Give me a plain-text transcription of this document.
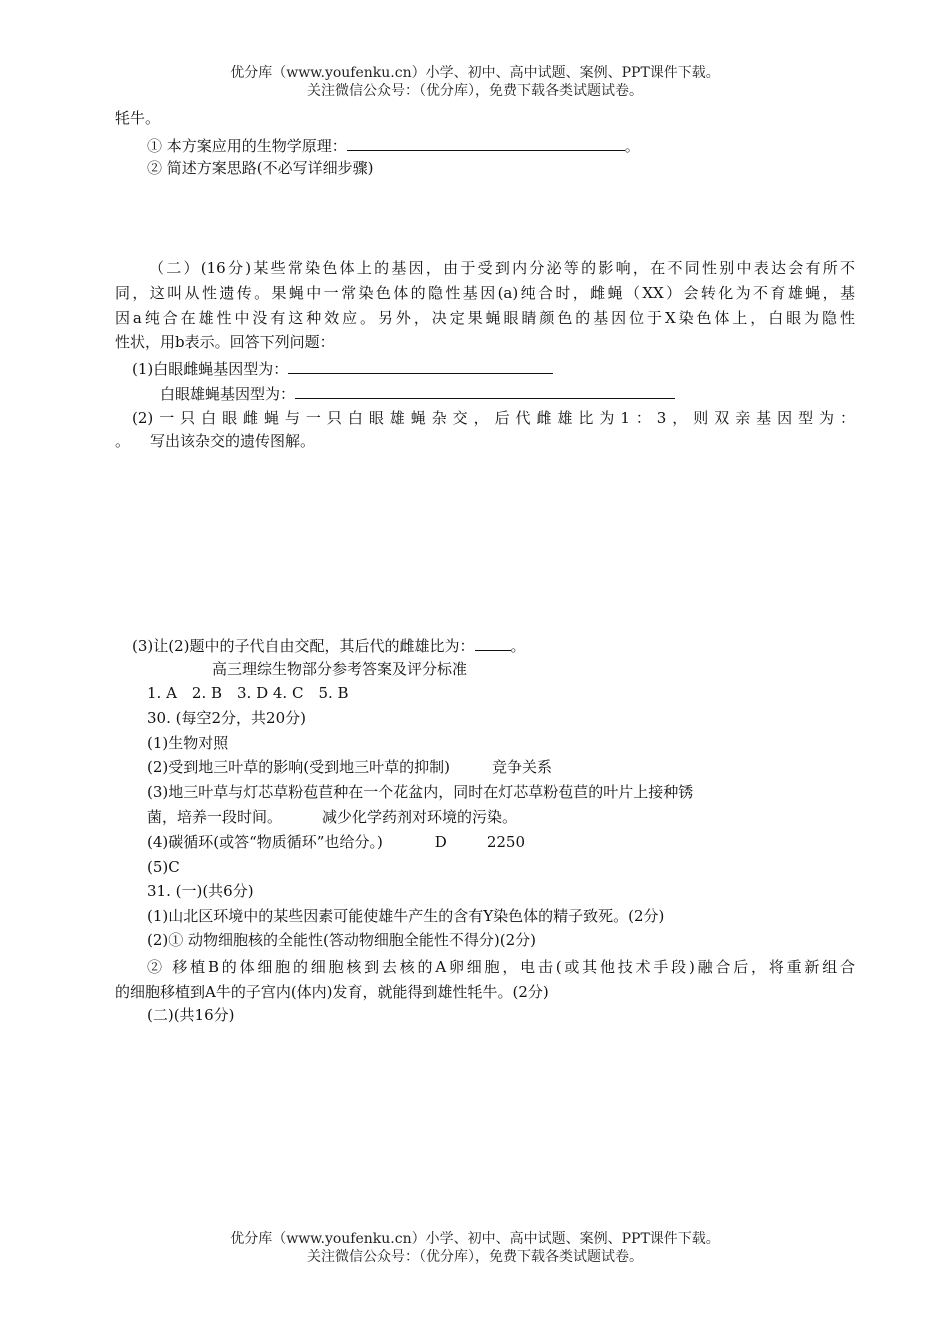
优分库（www.youfenku.cn）小学、初中、高中试题、案例、PPT课件下载。
关注微信公众号：（优分库），免费下载各类试题试卷。
牦牛。
① 本方案应用的生物学原理：	。
② 简述方案思路(不必写详细步骤)
（二）(16分)某些常染色体上的基因，由于受到内分泌等的影响，在不同性别中表达会有所不
同，这叫从性遗传。果蝇中一常染色体的隐性基因(a)纯合时，雌蝇（XX）会转化为不育雄蝇，基
因a纯合在雄性中没有这种效应。另外，决定果蝇眼睛颜色的基因位于X染色体上，白眼为隐性
性状，用b表示。回答下列问题：
(1)白眼雌蝇基因型为：
白眼雄蝇基因型为：
(2)一只白眼雌蝇与一只白眼雄蝇杂交，后代雌雄比为1：3，则双亲基因型为：
。 写出该杂交的遗传图解。
(3)让(2)题中的子代自由交配，其后代的雌雄比为： 。
高三理综生物部分参考答案及评分标准
1. A　2. B　3. D 4. C　5. B
30. (每空2分，共20分)
(1)生物对照
(2)受到地三叶草的影响(受到地三叶草的抑制)	竞争关系
(3)地三叶草与灯芯草粉苞苣种在一个花盆内，同时在灯芯草粉苞苣的叶片上接种锈
菌，培养一段时间。	减少化学药剂对环境的污染。
(4)碳循环(或答“物质循环”也给分。)	D	2250
(5)C
31. (一)(共6分)
(1)山北区环境中的某些因素可能使雄牛产生的含有Y染色体的精子致死。(2分)
(2)① 动物细胞核的全能性(答动物细胞全能性不得分)(2分)
② 移植B的体细胞的细胞核到去核的A卵细胞，电击(或其他技术手段)融合后，将重新组合
的细胞移植到A牛的子宫内(体内)发育，就能得到雄性牦牛。(2分)
(二)(共16分)
优分库（www.youfenku.cn）小学、初中、高中试题、案例、PPT课件下载。
关注微信公众号：（优分库），免费下载各类试题试卷。
